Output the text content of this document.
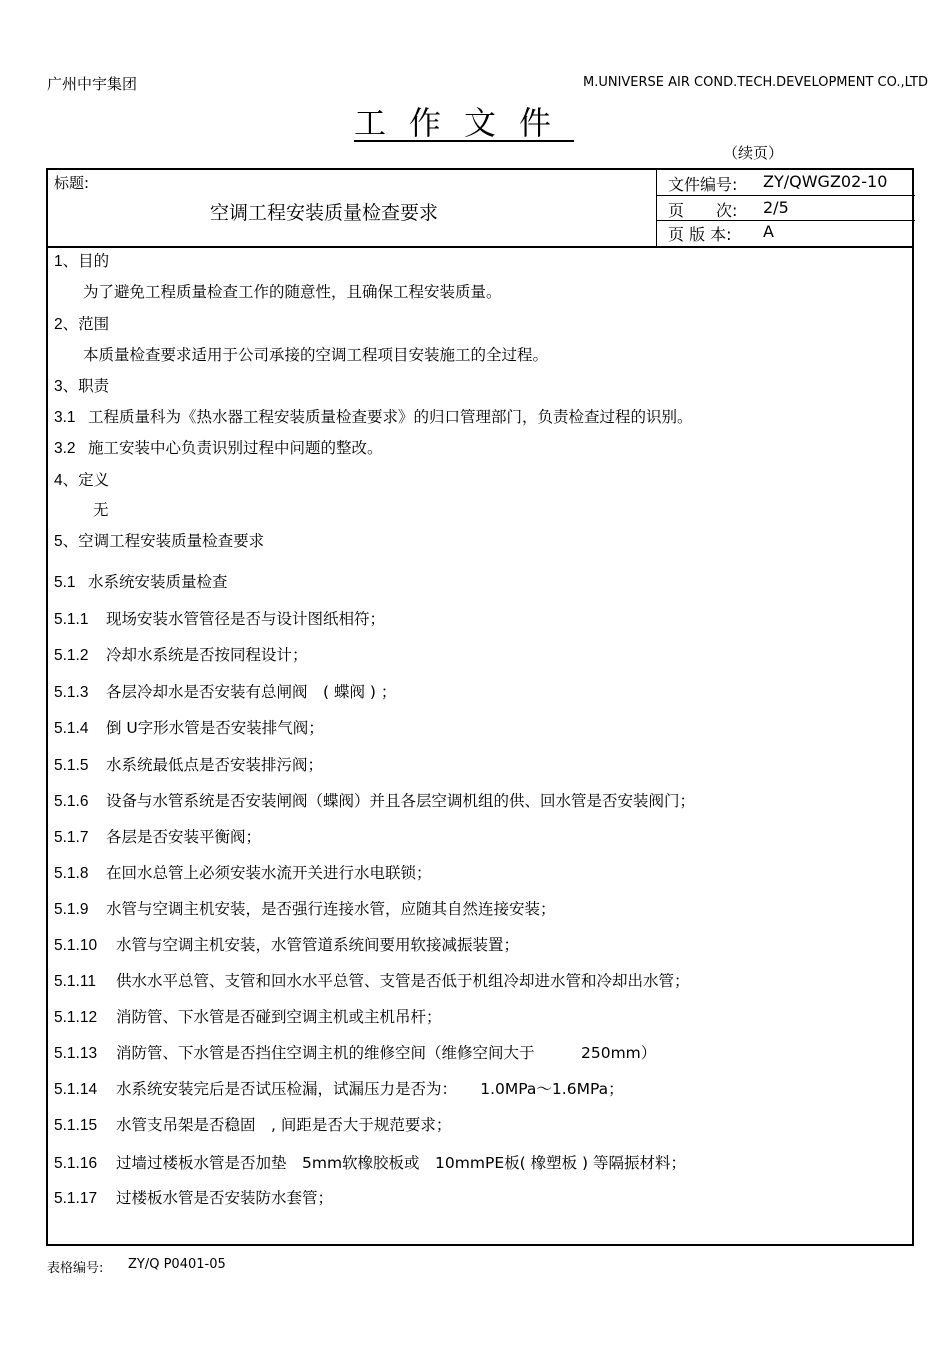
广州中宇集团	M.UNIVERSE AIR COND.TECH.DEVELOPMENT CO.,LTD
工作文件
（续页）
标题:
空调工程安装质量检查要求
文件编号: ZY/QWGZ02-10
页　　次: 2/5
页 版 本: A
1、目的
为了避免工程质量检查工作的随意性，且确保工程安装质量。
2、范围
本质量检查要求适用于公司承接的空调工程项目安装施工的全过程。
3、职责
3.1 工程质量科为《热水器工程安装质量检查要求》的归口管理部门，负责检查过程的识别。
3.2 施工安装中心负责识别过程中问题的整改。
4、定义
无
5、空调工程安装质量检查要求
5.1 水系统安装质量检查
5.1.1 现场安装水管管径是否与设计图纸相符；
5.1.2 冷却水系统是否按同程设计；
5.1.3 各层冷却水是否安装有总闸阀　( 蝶阀 ) ；
5.1.4 倒 U字形水管是否安装排气阀；
5.1.5 水系统最低点是否安装排污阀；
5.1.6 设备与水管系统是否安装闸阀（蝶阀）并且各层空调机组的供、回水管是否安装阀门；
5.1.7 各层是否安装平衡阀；
5.1.8 在回水总管上必须安装水流开关进行水电联锁；
5.1.9 水管与空调主机安装，是否强行连接水管，应随其自然连接安装；
5.1.10 水管与空调主机安装，水管管道系统间要用软接减振装置；
5.1.11 供水水平总管、支管和回水水平总管、支管是否低于机组冷却进水管和冷却出水管；
5.1.12 消防管、下水管是否碰到空调主机或主机吊杆；
5.1.13 消防管、下水管是否挡住空调主机的维修空间（维修空间大于　　　250mm）
5.1.14 水系统安装完后是否试压检漏，试漏压力是否为：　　1.0MPa～1.6MPa；
5.1.15 水管支吊架是否稳固　, 间距是否大于规范要求；
5.1.16 过墙过楼板水管是否加垫　5mm软橡胶板或　10mmPE板( 橡塑板 ) 等隔振材料；
5.1.17 过楼板水管是否安装防水套管；
表格编号: ZY/Q P0401-05
